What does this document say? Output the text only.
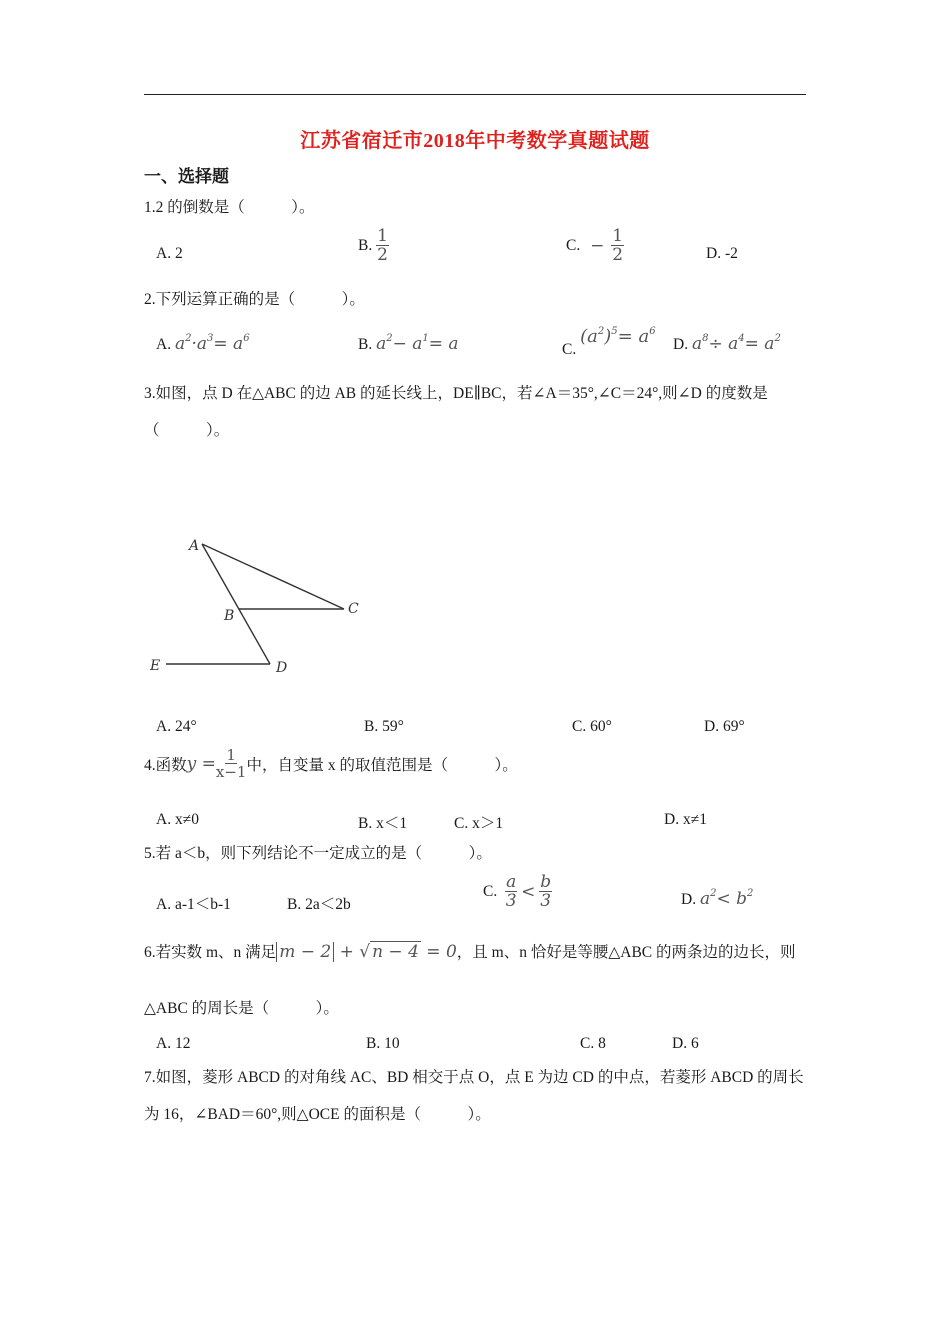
江苏省宿迁市2018年中考数学真题试题
一、选择题
1.2 的倒数是（　　　）。
A. 2	B. $\frac{1}{2}$	C. − $\frac{1}{2}$	D. -2
2.下列运算正确的是（　　　）。
A. $a^2\cdot a^3= a^6$	B. $a^2- a^1= a$	C. $(a^2)^5= a^6$
D. $a^8\div a^4= a^2$
3.如图，点 D 在△ABC 的边 AB 的延长线上，DE∥BC，若∠A＝35°,∠C＝24°,则∠D 的度数是（　　　）。
A
B	C
D
E
A. 24°	B. 59°	C. 60°	D. 69°
4.函数$y = \frac{1}{x-1}$ 中，自变量 x 的取值范围是（　　　）。
A. x≠0	B. x＜1	C. x＞1	D. x≠1
5.若 a＜b，则下列结论不一定成立的是（　　　）。
A. a-1＜b-1	B. 2a＜2b
C. $\frac{a}{3} < \frac{b}{3}$	D. $a^2< b^2$
6.若实数 m、n 满足 m − 2 + √ n − 4 = 0，且 m、n 恰好是等腰△ABC 的两条边的边长，则
△ABC 的周长是（　　　）。
A. 12	B. 10	C. 8	D. 6
7.如图，菱形 ABCD 的对角线 AC、BD 相交于点 O，点 E 为边 CD 的中点，若菱形 ABCD 的周长为 16，∠BAD＝60°,则△OCE 的面积是（　　　）。
